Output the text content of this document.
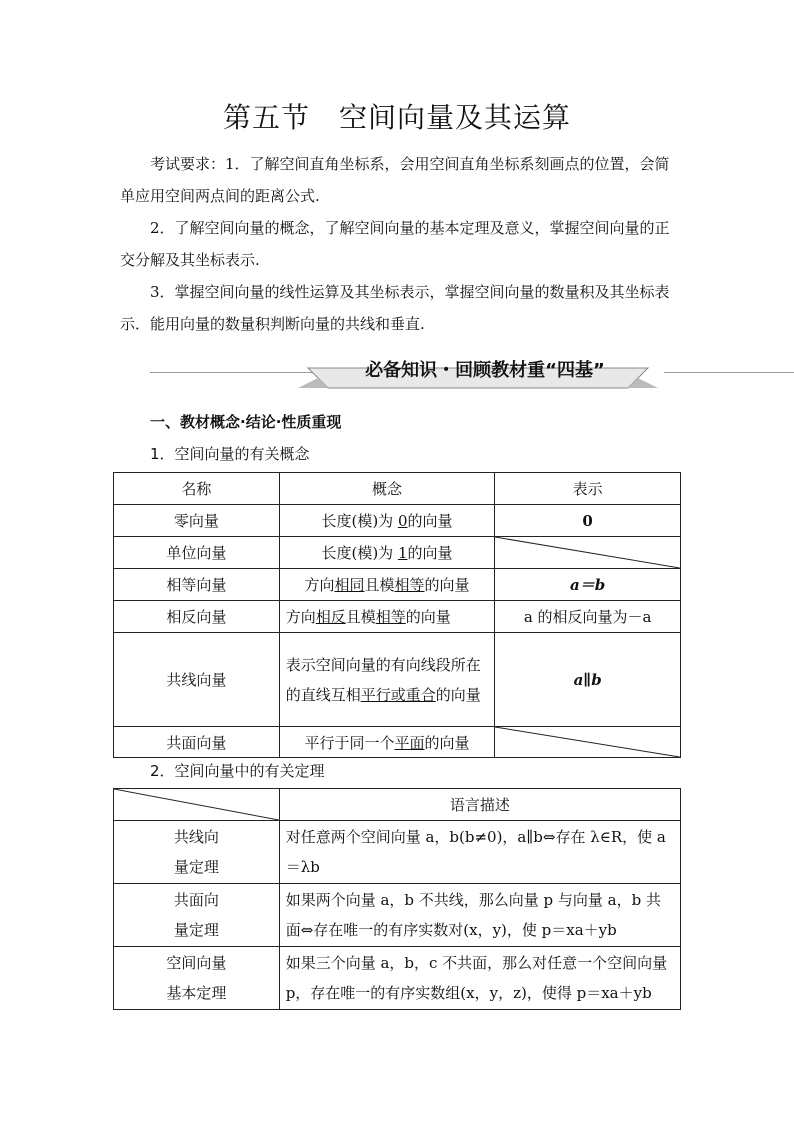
第五节　空间向量及其运算
考试要求：1．了解空间直角坐标系，会用空间直角坐标系刻画点的位置，会简单应用空间两点间的距离公式.
2．了解空间向量的概念，了解空间向量的基本定理及意义，掌握空间向量的正交分解及其坐标表示.
3．掌握空间向量的线性运算及其坐标表示，掌握空间向量的数量积及其坐标表示．能用向量的数量积判断向量的共线和垂直.
必备知识・回顾教材重“四基”
一、教材概念·结论·性质重现
1．空间向量的有关概念
名称	概念	表示
零向量	长度(模)为 0的向量	0
单位向量	长度(模)为 1的向量	

相等向量	方向相同且模相等的向量	a＝b
相反向量	方向相反且模相等的向量	a 的相反向量为－a
共线向量	表示空间向量的有向线段所在的直线互相平行或重合的向量	a∥b
共面向量	平行于同一个平面的向量	
2．空间向量中的有关定理
	语言描述

共线向
量定理	对任意两个空间向量 a，b(b≠0)，a∥b⇔存在 λ∈R，使 a＝λb

共面向
量定理	如果两个向量 a，b 不共线，那么向量 p 与向量 a，b 共面⇔存在唯一的有序实数对(x，y)，使 p＝xa＋yb

空间向量
基本定理	如果三个向量 a，b，c 不共面，那么对任意一个空间向量 p，存在唯一的有序实数组(x，y，z)，使得 p＝xa＋yb
